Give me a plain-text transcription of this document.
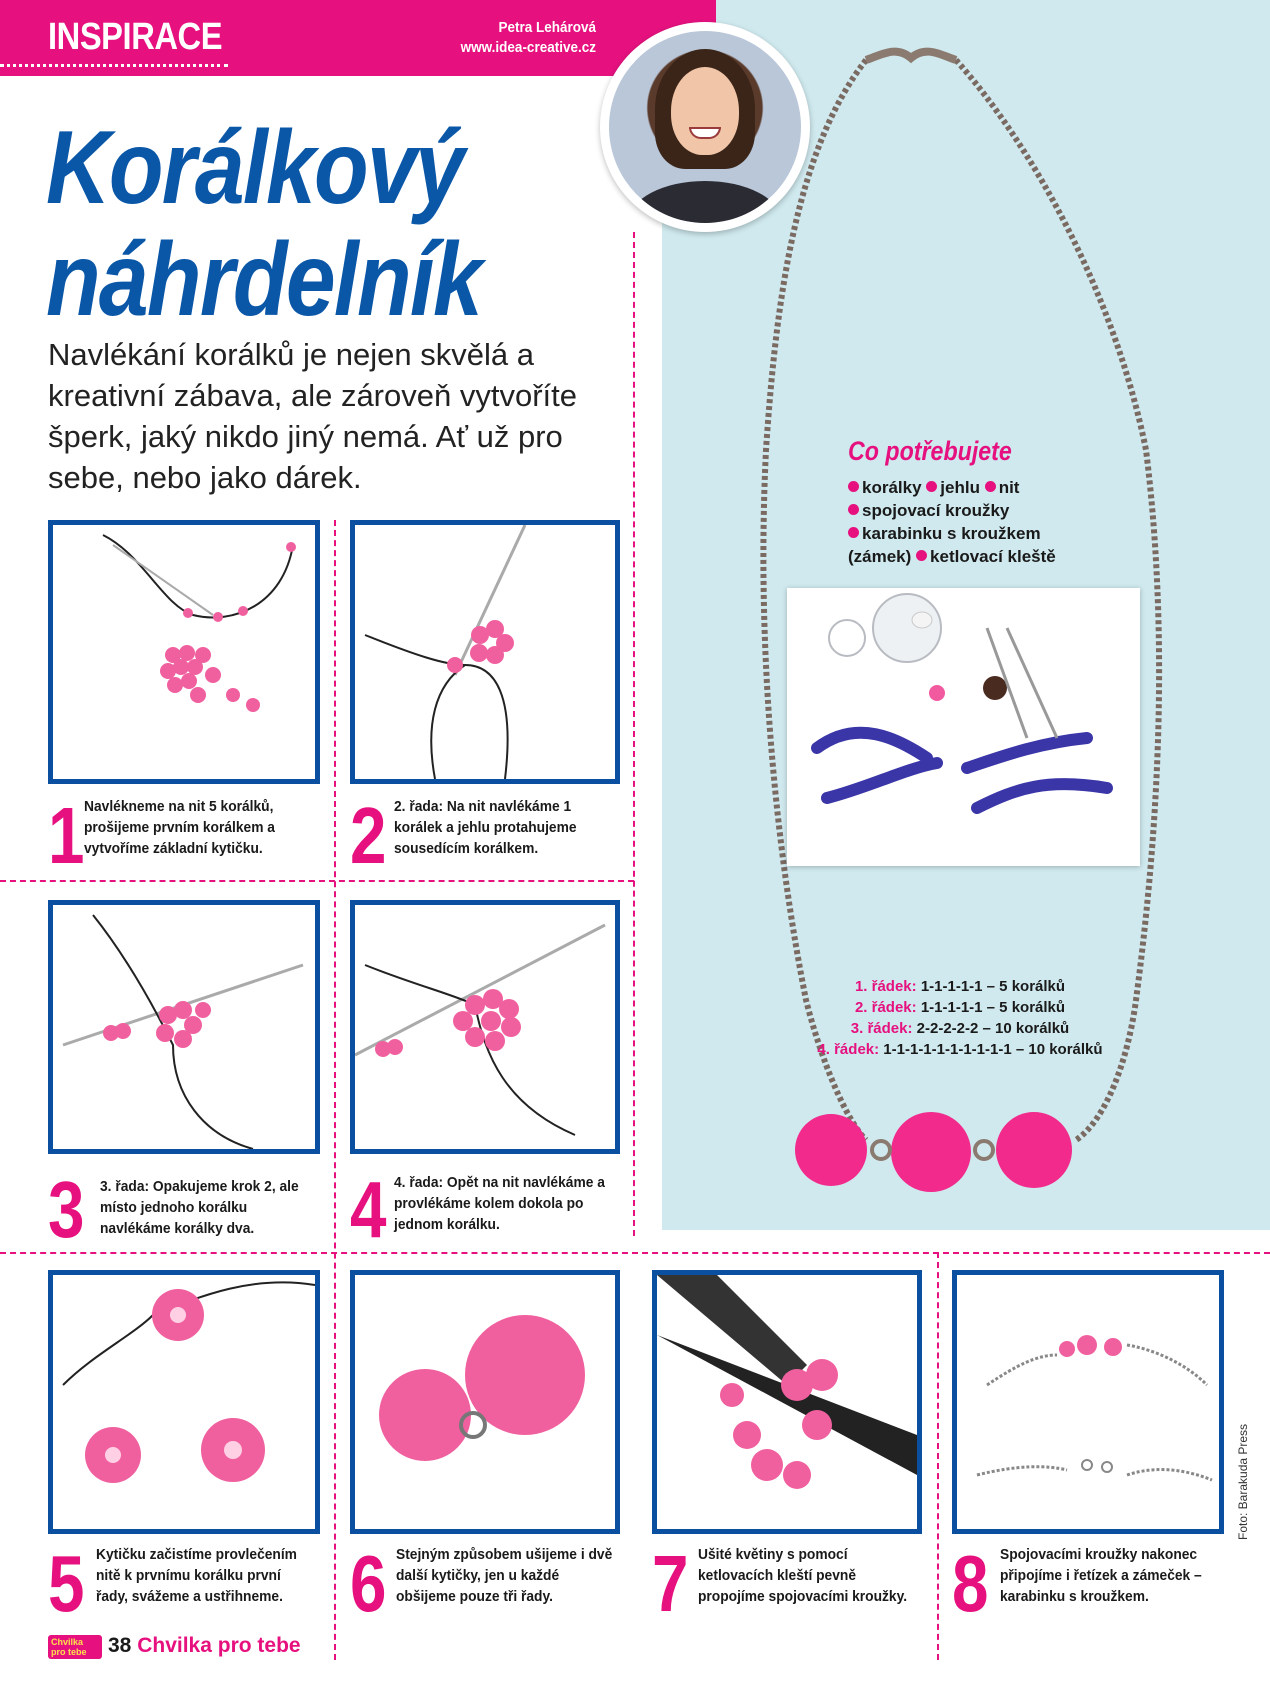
INSPIRACE	Petra Lehárová
www.idea-creative.cz
Korálkový
náhrdelník
Navlékání korálků je nejen skvělá a kreativní zábava, ale zároveň vytvoříte šperk, jaký nikdo jiný nemá. Ať už pro sebe, nebo jako dárek.
Co potřebujete
korálky jehlu nit
spojovací kroužky
karabinku s kroužkem (zámek) ketlovací kleště
1. řádek: 1-1-1-1-1 – 5 korálků
2. řádek: 1-1-1-1-1 – 5 korálků
3. řádek: 2-2-2-2-2 – 10 korálků
4. řádek: 1-1-1-1-1-1-1-1-1-1 – 10 korálků
1 Navlékneme na nit 5 korálků, prošijeme prvním korálkem a vytvoříme základní kytičku.	2 2. řada: Na nit navlékáme 1 korálek a jehlu protahujeme sousedícím korálkem.
3 3. řada: Opakujeme krok 2, ale místo jednoho korálku navlékáme korálky dva.	4 4. řada: Opět na nit navlékáme a provlékáme kolem dokola po jednom korálku.
5 Kytičku začistíme provlečením nitě k prvnímu korálku první řady, svážeme a ustřihneme. 6 Stejným způsobem ušijeme i dvě další kytičky, jen u každé obšijeme pouze tři řady.	7 Ušité květiny s pomocí ketlovacích kleští pevně propojíme spojovacími kroužky. 8 Spojovacími kroužky nakonec připojíme i řetízek a zámeček – karabinku s kroužkem.
Foto: Barakuda Press
Chvilka pro tebe	38 Chvilka pro tebe
